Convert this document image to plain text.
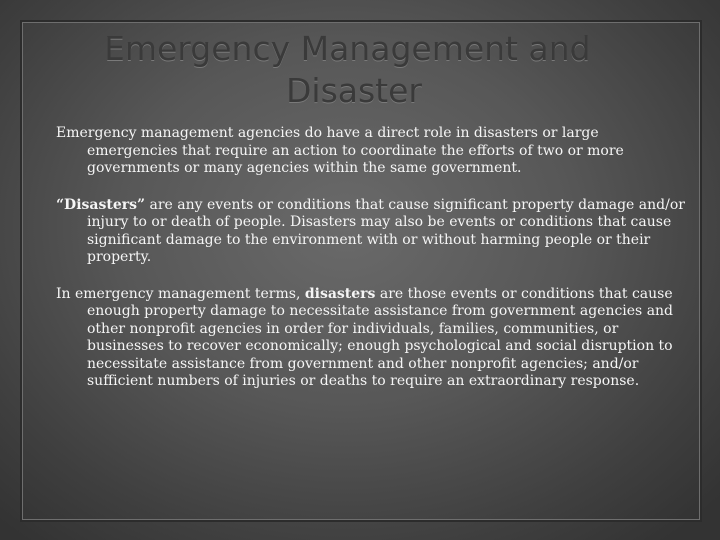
Emergency Management and
Disaster

Emergency management agencies do have a direct role in disasters or large emergencies that require an action to coordinate the efforts of two or more governments or many agencies within the same government.

“Disasters” are any events or conditions that cause significant property damage and/or injury to or death of people. Disasters may also be events or conditions that cause significant damage to the environment with or without harming people or their property.

In emergency management terms, disasters are those events or conditions that cause enough property damage to necessitate assistance from government agencies and other nonprofit agencies in order for individuals, families, communities, or businesses to recover economically; enough psychological and social disruption to necessitate assistance from government and other nonprofit agencies; and/or sufficient numbers of injuries or deaths to require an extraordinary response.
